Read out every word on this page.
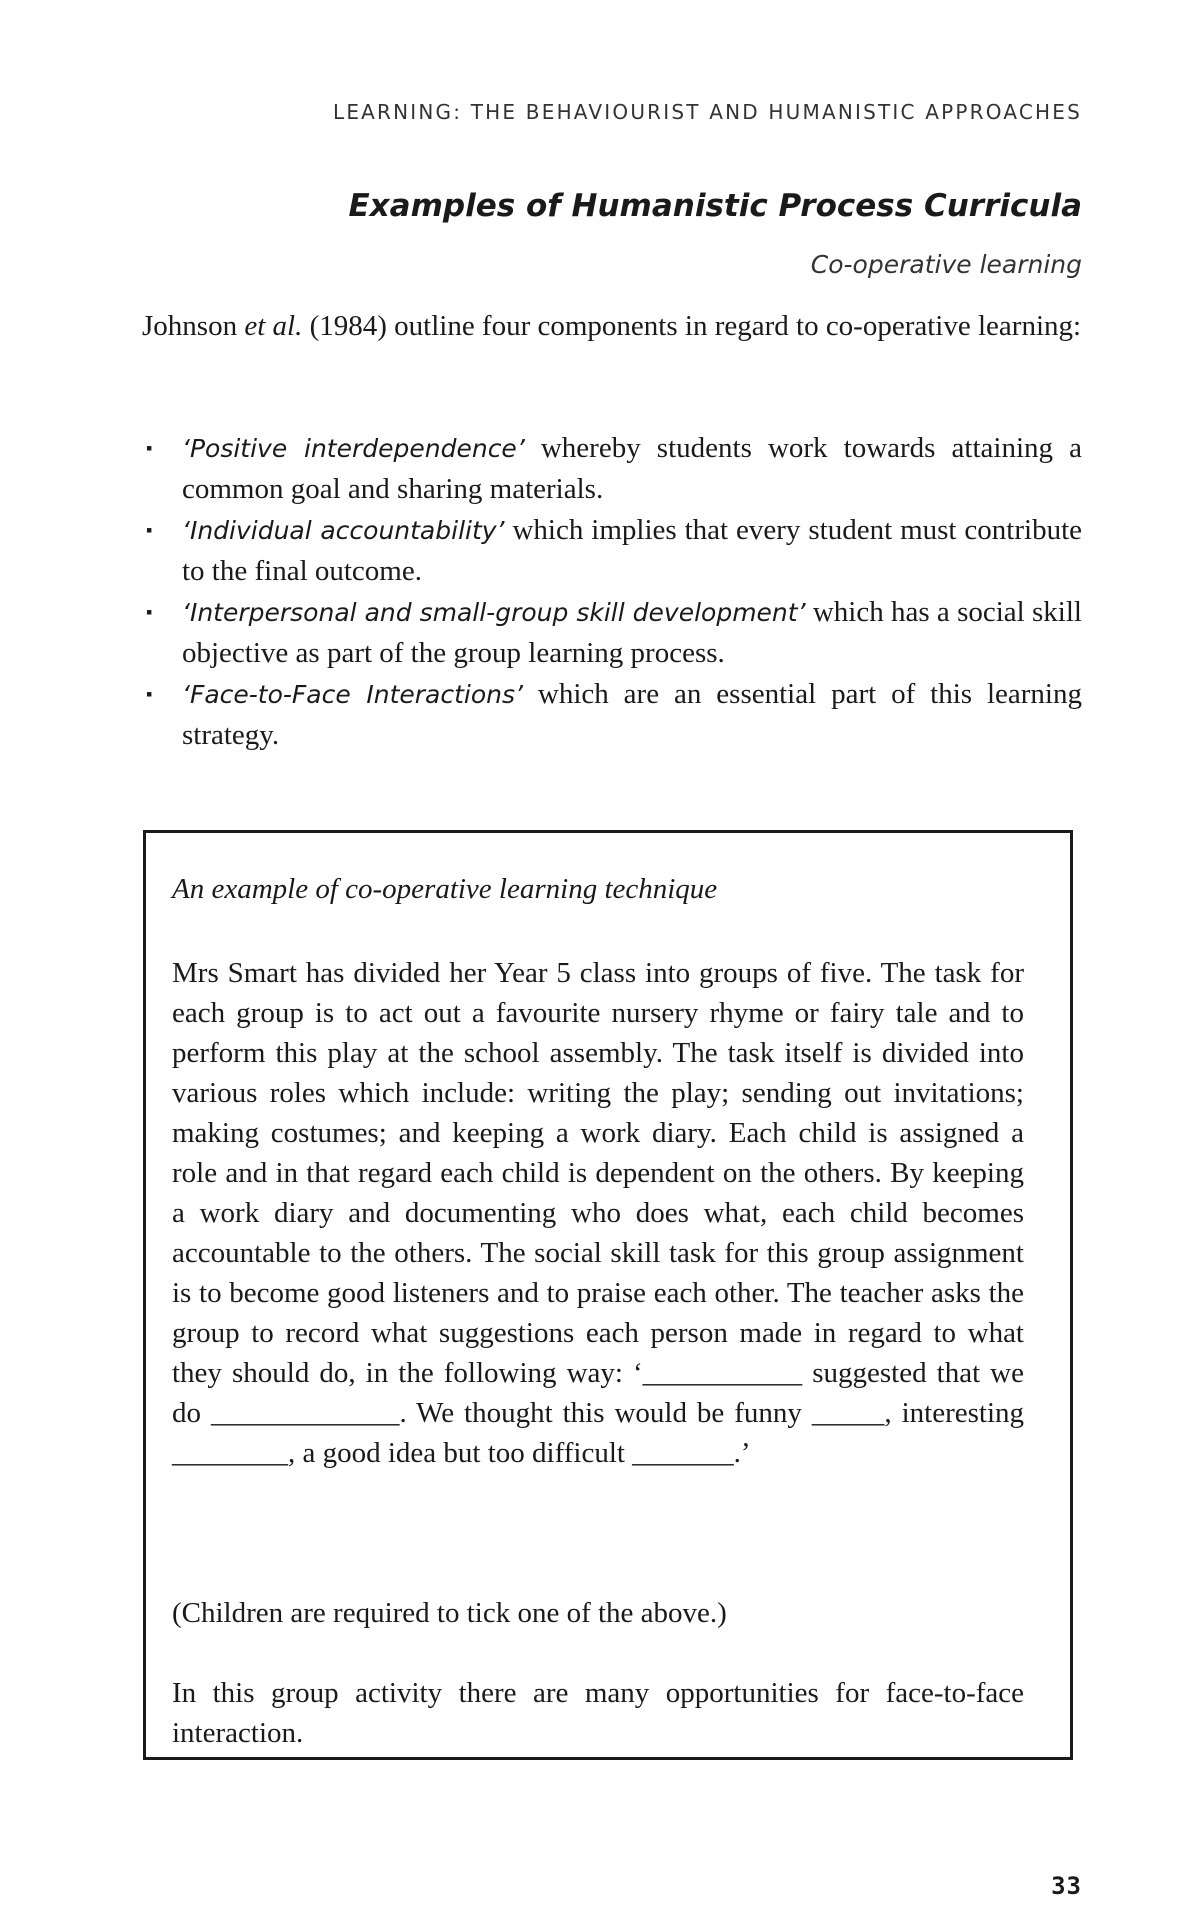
LEARNING: THE BEHAVIOURIST AND HUMANISTIC APPROACHES
Examples of Humanistic Process Curricula
Co-operative learning

Johnson et al. (1984) outline four components in regard to co-operative learning:

▪ ‘Positive interdependence’ whereby students work towards attaining a common goal and sharing materials.
▪ ‘Individual accountability’ which implies that every student must contribute to the final outcome.
▪ ‘Interpersonal and small-group skill development’ which has a social skill objective as part of the group learning process.
▪ ‘Face-to-Face Interactions’ which are an essential part of this learning strategy.

An example of co-operative learning technique

Mrs Smart has divided her Year 5 class into groups of five. The task for each group is to act out a favourite nursery rhyme or fairy tale and to perform this play at the school assembly. The task itself is divided into various roles which include: writing the play; sending out invitations; making costumes; and keeping a work diary. Each child is assigned a role and in that regard each child is dependent on the others. By keeping a work diary and documenting who does what, each child becomes accountable to the others. The social skill task for this group assignment is to become good listeners and to praise each other. The teacher asks the group to record what suggestions each person made in regard to what they should do, in the following way: ‘___________ suggested that we do _____________. We thought this would be funny _____, interesting ________, a good idea but too difficult _______.’

(Children are required to tick one of the above.)

In this group activity there are many opportunities for face-to-face interaction.

33
